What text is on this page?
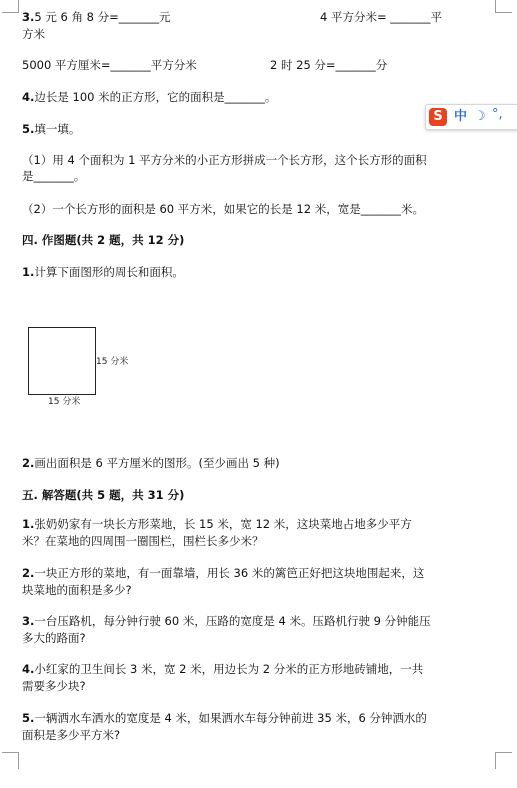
3.5 元 6 角 8 分=_______元	4 平方分米= _______平
方米
5000 平方厘米=_______平方分米	2 时 25 分=_______分
4.边长是 100 米的正方形，它的面积是_______。
S 中 ☽ °,
5.填一填。
（1）用 4 个面积为 1 平方分米的小正方形拼成一个长方形，这个长方形的面积
是_______。
（2）一个长方形的面积是 60 平方米，如果它的长是 12 米，宽是_______米。
四. 作图题(共 2 题，共 12 分)
1.计算下面图形的周长和面积。
15 分米
15 分米
2.画出面积是 6 平方厘米的图形。(至少画出 5 种)
五. 解答题(共 5 题，共 31 分)
1.张奶奶家有一块长方形菜地，长 15 米，宽 12 米，这块菜地占地多少平方
米？在菜地的四周围一圈围栏，围栏长多少米？
2.一块正方形的菜地，有一面靠墙，用长 36 米的篱笆正好把这块地围起来，这
块菜地的面积是多少?
3.一台压路机，每分钟行驶 60 米，压路的宽度是 4 米。压路机行驶 9 分钟能压
多大的路面?
4.小红家的卫生间长 3 米，宽 2 米，用边长为 2 分米的正方形地砖铺地，一共
需要多少块?
5.一辆洒水车洒水的宽度是 4 米，如果洒水车每分钟前进 35 米，6 分钟洒水的
面积是多少平方米?
